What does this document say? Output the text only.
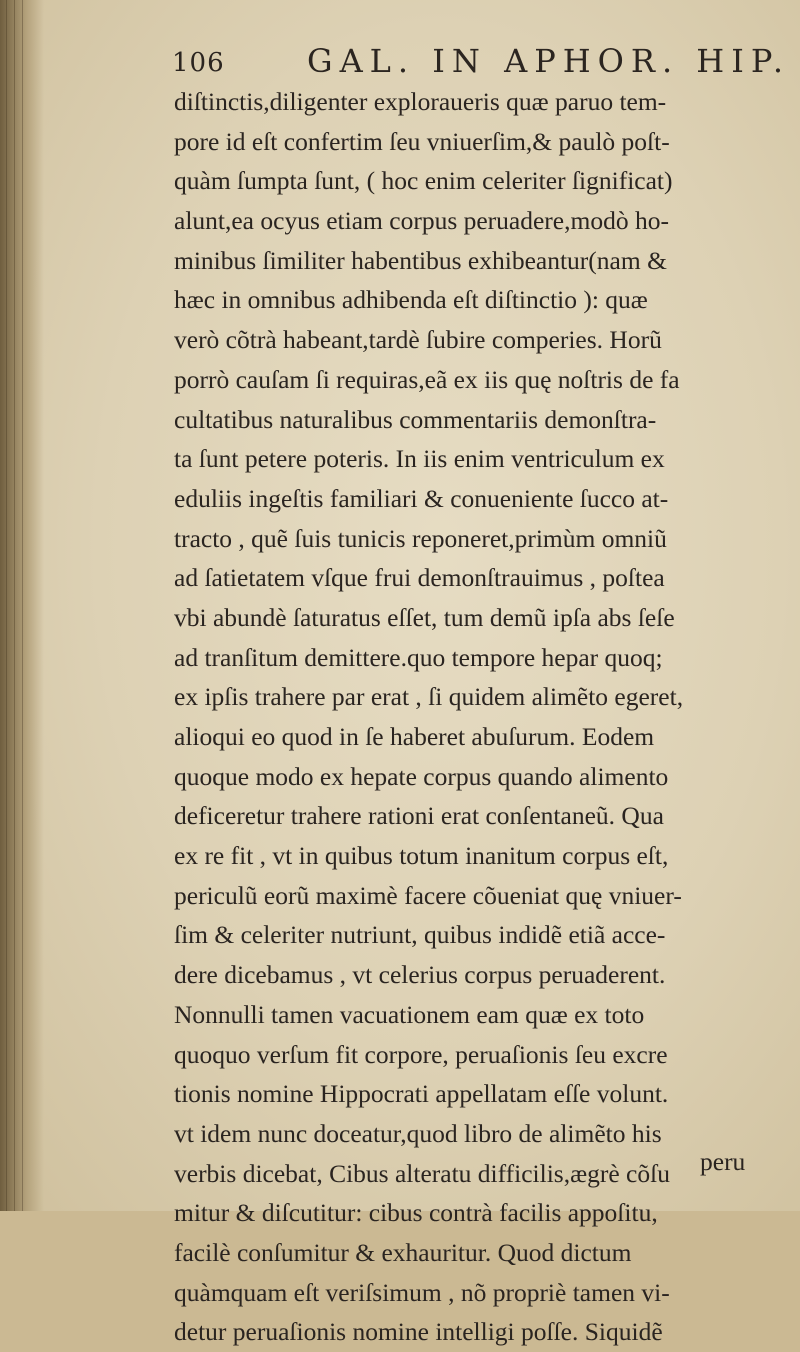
106	GAL. IN APHOR. HIP.
diſtinctis,diligenter exploraueris quæ paruo tem-
pore id eſt confertim ſeu vniuerſim,& paulò poſt-
quàm ſumpta ſunt, ( hoc enim celeriter ſignificat)
alunt,ea ocyus etiam corpus peruadere,modò ho-
minibus ſimiliter habentibus exhibeantur(nam &
hæc in omnibus adhibenda eſt diſtinctio ): quæ
verò cõtrà habeant,tardè ſubire comperies. Horũ
porrò cauſam ſi requiras,eã ex iis quę noſtris de fa
cultatibus naturalibus commentariis demonſtra-
ta ſunt petere poteris. In iis enim ventriculum ex
eduliis ingeſtis familiari & conueniente ſucco at-
tracto , quẽ ſuis tunicis reponeret,primùm omniũ
ad ſatietatem vſque frui demonſtrauimus , poſtea
vbi abundè ſaturatus eſſet, tum demũ ipſa abs ſeſe
ad tranſitum demittere.quo tempore hepar quoq;
ex ipſis trahere par erat , ſi quidem alimẽto egeret,
alioqui eo quod in ſe haberet abuſurum. Eodem
quoque modo ex hepate corpus quando alimento
deficeretur trahere rationi erat conſentaneũ. Qua
ex re fit , vt in quibus totum inanitum corpus eſt,
periculũ eorũ maximè facere cõueniat quę vniuer-
ſim & celeriter nutriunt, quibus indidẽ etiã acce-
dere dicebamus , vt celerius corpus peruaderent.
Nonnulli tamen vacuationem eam quæ ex toto
quoquo verſum fit corpore, peruaſionis ſeu excre
tionis nomine Hippocrati appellatam eſſe volunt.
vt idem nunc doceatur,quod libro de alimẽto his
verbis dicebat, Cibus alteratu difficilis,ægrè cõſu
mitur & diſcutitur: cibus contrà facilis appoſitu,
facilè conſumitur & exhauritur. Quod dictum
quàmquam eſt veriſsimum , nõ propriè tamen vi-
detur peruaſionis nomine intelligi poſſe. Siquidẽ
peru
